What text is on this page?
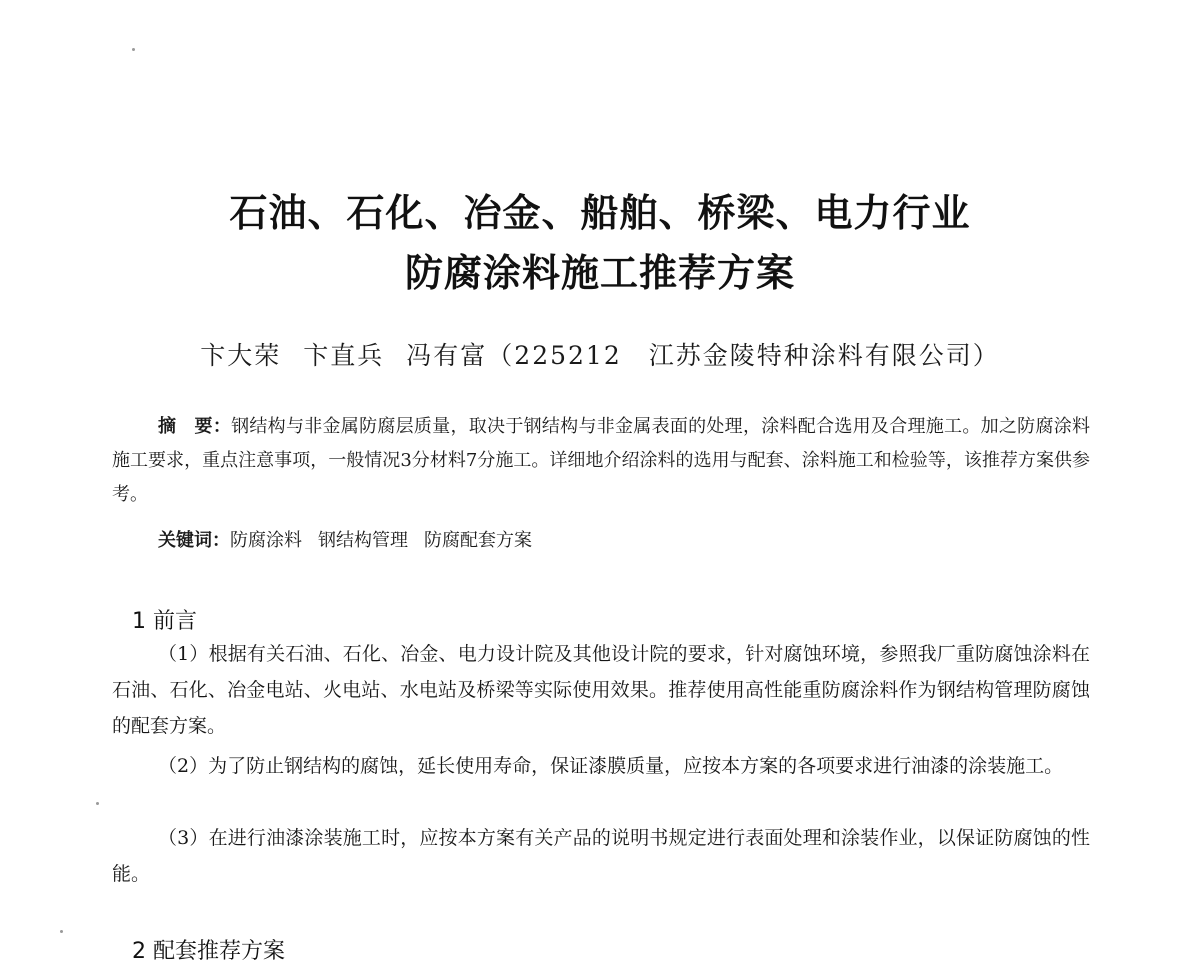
石油、石化、冶金、船舶、桥梁、电力行业
防腐涂料施工推荐方案
卞大荣 卞直兵 冯有富（225212　江苏金陵特种涂料有限公司）
摘　要：钢结构与非金属防腐层质量，取决于钢结构与非金属表面的处理，涂料配合选用及合理施工。加之防腐涂料施工要求，重点注意事项，一般情况3分材料7分施工。详细地介绍涂料的选用与配套、涂料施工和检验等，该推荐方案供参考。
关键词：防腐涂料 钢结构管理 防腐配套方案
1 前言
（1）根据有关石油、石化、冶金、电力设计院及其他设计院的要求，针对腐蚀环境，参照我厂重防腐蚀涂料在石油、石化、冶金电站、火电站、水电站及桥梁等实际使用效果。推荐使用高性能重防腐涂料作为钢结构管理防腐蚀的配套方案。
（2）为了防止钢结构的腐蚀，延长使用寿命，保证漆膜质量，应按本方案的各项要求进行油漆的涂装施工。
（3）在进行油漆涂装施工时，应按本方案有关产品的说明书规定进行表面处理和涂装作业，以保证防腐蚀的性能。
2 配套推荐方案
